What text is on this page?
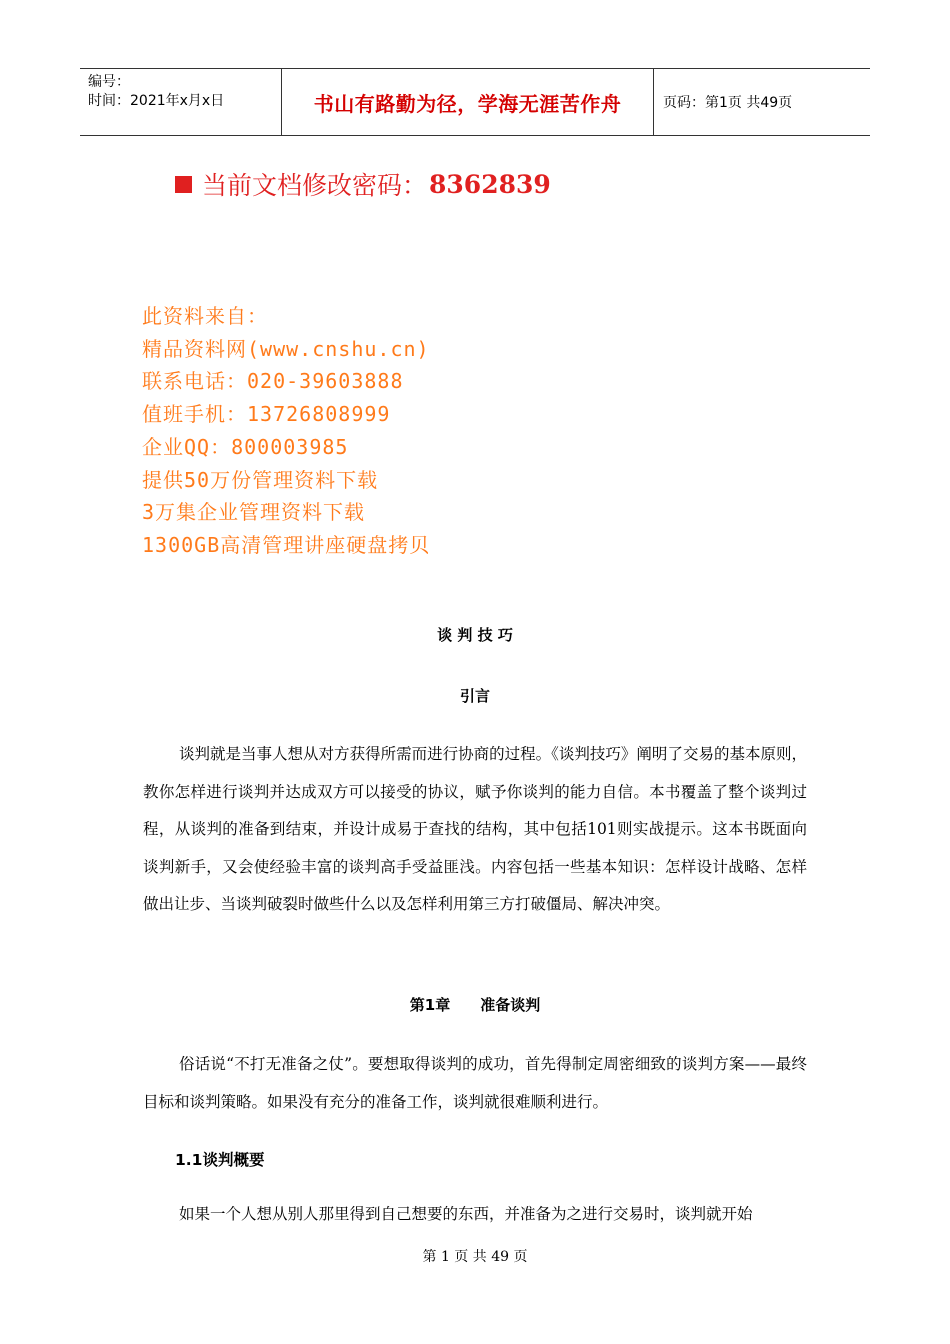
编号：
时间：2021年x月x日	书山有路勤为径，学海无涯苦作舟	页码：第1页 共49页
当前文档修改密码： 8362839
此资料来自：
精品资料网(www.cnshu.cn)
联系电话：020-39603888
值班手机：13726808999
企业QQ：800003985
提供50万份管理资料下载
3万集企业管理资料下载
1300GB高清管理讲座硬盘拷贝
谈 判 技 巧
引言
谈判就是当事人想从对方获得所需而进行协商的过程。《谈判技巧》阐明了交易的基本原则，教你怎样进行谈判并达成双方可以接受的协议，赋予你谈判的能力自信。本书覆盖了整个谈判过程，从谈判的准备到结束，并设计成易于查找的结构，其中包括101则实战提示。这本书既面向谈判新手，又会使经验丰富的谈判高手受益匪浅。内容包括一些基本知识：怎样设计战略、怎样做出让步、当谈判破裂时做些什么以及怎样利用第三方打破僵局、解决冲突。
第1章　　准备谈判
俗话说“不打无准备之仗”。要想取得谈判的成功，首先得制定周密细致的谈判方案——最终目标和谈判策略。如果没有充分的准备工作，谈判就很难顺利进行。
1.1谈判概要
如果一个人想从别人那里得到自己想要的东西，并准备为之进行交易时，谈判就开始
第 1 页 共 49 页
